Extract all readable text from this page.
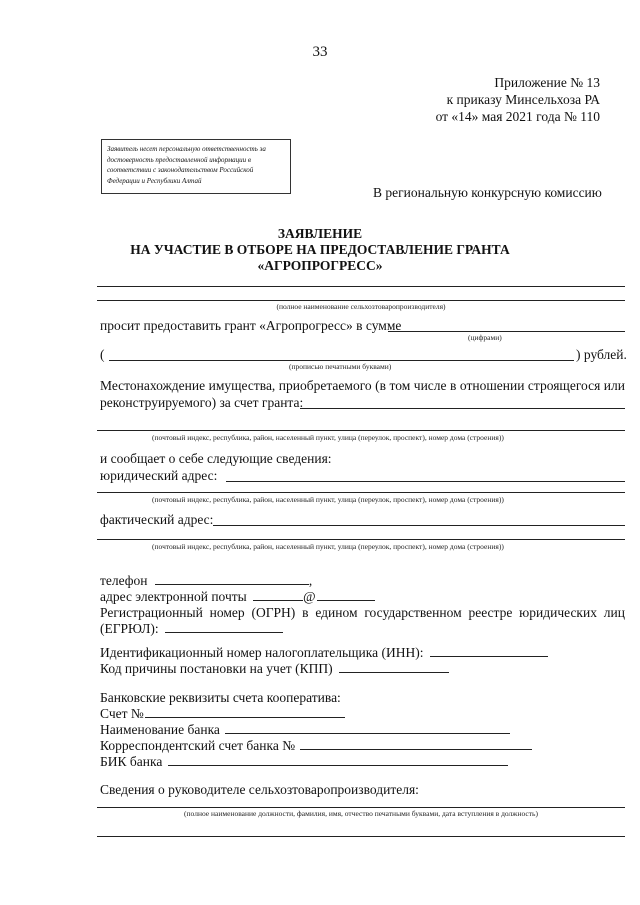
33
Приложение № 13
к приказу Минсельхоза РА
от «14» мая 2021 года № 110
Заявитель несет персональную ответственность за достоверность предоставленной информации в соответствии с законодательством Российской Федерации и Республики Алтай
В региональную конкурсную комиссию
ЗАЯВЛЕНИЕ
НА УЧАСТИЕ В ОТБОРЕ НА ПРЕДОСТАВЛЕНИЕ ГРАНТА
«АГРОПРОГРЕСС»
(полное наименование сельхозтоваропроизводителя)
просит предоставить грант «Агропрогресс» в сумме
(цифрами)
(	) рублей.
(прописью печатными буквами)
Местонахождение имущества, приобретаемого (в том числе в отношении строящегося или
реконструируемого) за счет гранта:
(почтовый индекс, республика, район, населенный пункт, улица (переулок, проспект), номер дома (строения))
и сообщает о себе следующие сведения:
юридический адрес:
(почтовый индекс, республика, район, населенный пункт, улица (переулок, проспект), номер дома (строения))
фактический адрес:
(почтовый индекс, республика, район, населенный пункт, улица (переулок, проспект), номер дома (строения))
телефон	,
адрес электронной почты	@
Регистрационный номер (ОГРН) в едином государственном реестре юридических лиц
(ЕГРЮЛ):
Идентификационный номер налогоплательщика (ИНН):
Код причины постановки на учет (КПП)
Банковские реквизиты счета кооператива:
Счет №
Наименование банка
Корреспондентский счет банка №
БИК банка
Сведения о руководителе сельхозтоваропроизводителя:
(полное наименование должности, фамилия, имя, отчество печатными буквами, дата вступления в должность)
